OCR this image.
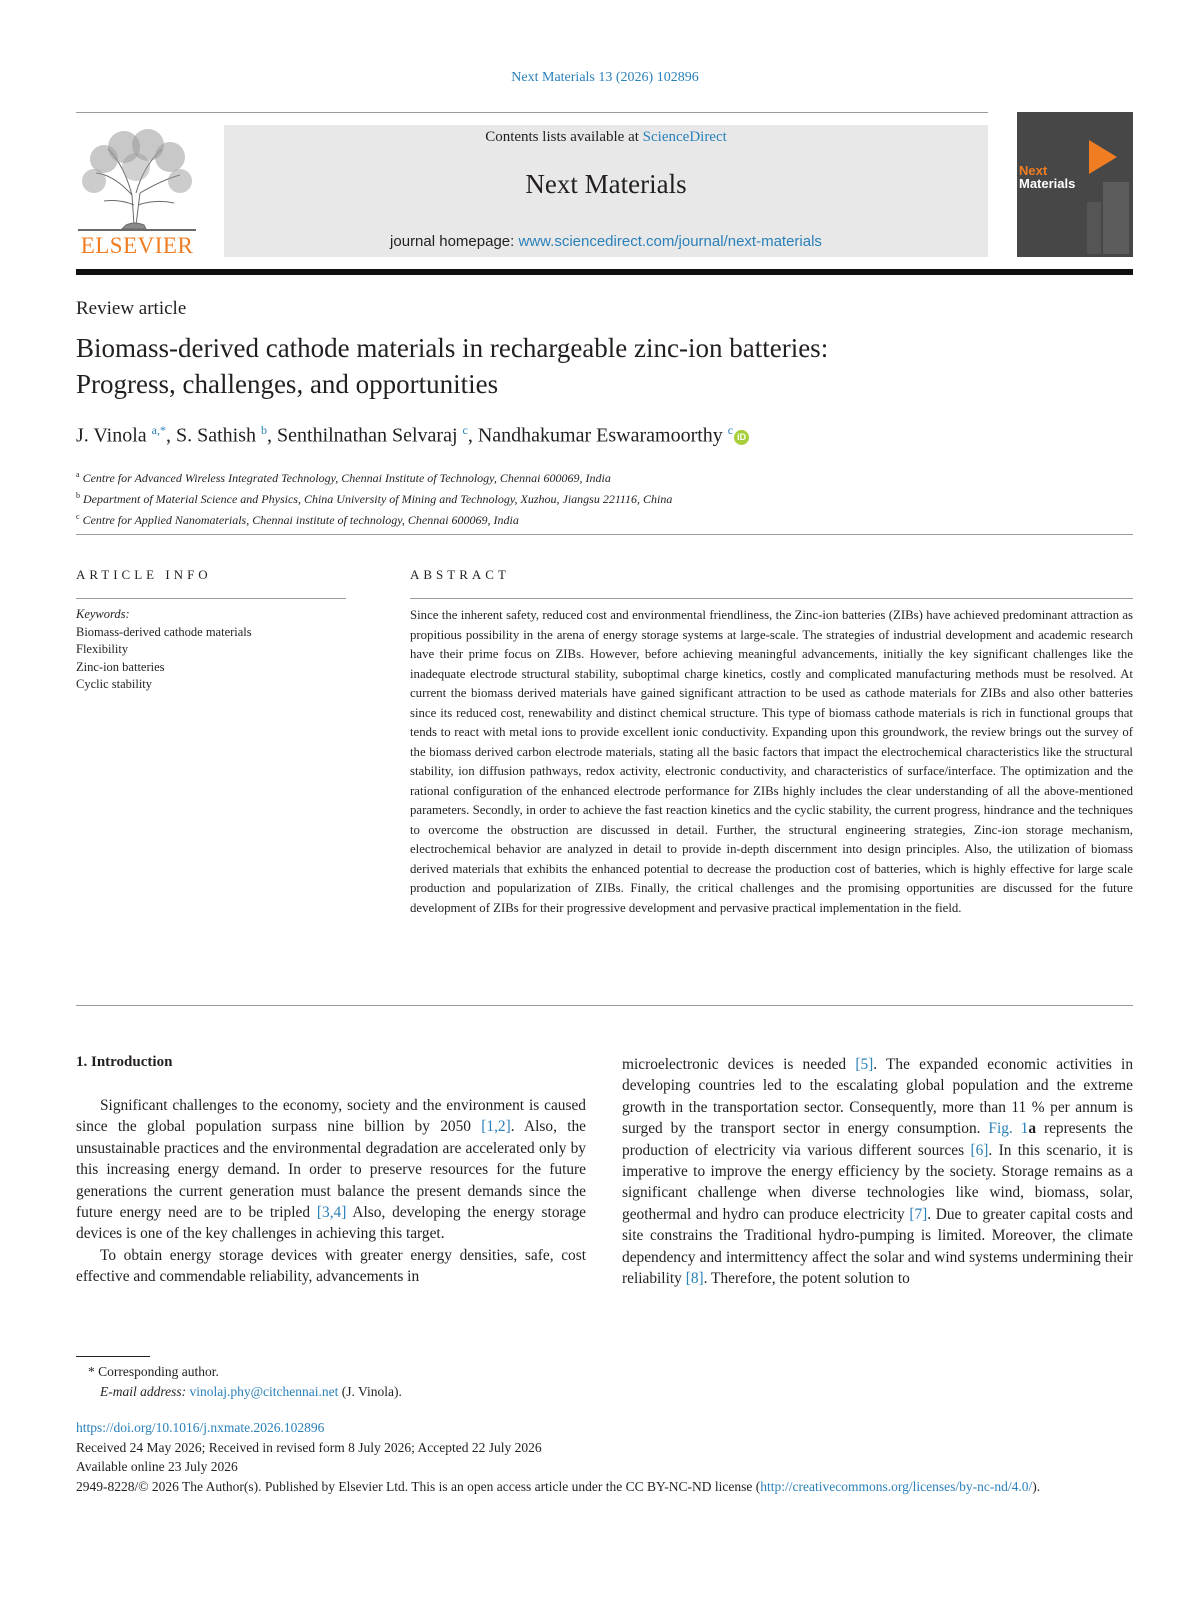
Next Materials 13 (2026) 102896
ELSEVIER
Contents lists available at ScienceDirect
Next Materials
journal homepage: www.sciencedirect.com/journal/next-materials
Next
Materials
Review article
Biomass-derived cathode materials in rechargeable zinc-ion batteries:
Progress, challenges, and opportunities
J. Vinola $^{a,*}$, S. Sathish $^b$, Senthilnathan Selvaraj $^c$, Nandhakumar Eswaramoorthy $^c$ iD
$^a$ Centre for Advanced Wireless Integrated Technology, Chennai Institute of Technology, Chennai 600069, India
$^b$ Department of Material Science and Physics, China University of Mining and Technology, Xuzhou, Jiangsu 221116, China
$^c$ Centre for Applied Nanomaterials, Chennai institute of technology, Chennai 600069, India
ARTICLE INFO	ABSTRACT
Keywords:
Biomass-derived cathode materials
Flexibility
Zinc-ion batteries
Cyclic stability
Since the inherent safety, reduced cost and environmental friendliness, the Zinc-ion batteries (ZIBs) have achieved predominant attraction as propitious possibility in the arena of energy storage systems at large-scale. The strategies of industrial development and academic research have their prime focus on ZIBs. However, before achieving meaningful advancements, initially the key significant challenges like the inadequate electrode structural stability, suboptimal charge kinetics, costly and complicated manufacturing methods must be resolved. At current the biomass derived materials have gained significant attraction to be used as cathode materials for ZIBs and also other batteries since its reduced cost, renewability and distinct chemical structure. This type of biomass cathode materials is rich in functional groups that tends to react with metal ions to provide excellent ionic conductivity. Expanding upon this groundwork, the review brings out the survey of the biomass derived carbon electrode materials, stating all the basic factors that impact the electrochemical characteristics like the structural stability, ion diffusion pathways, redox activity, electronic conductivity, and characteristics of surface/interface. The optimization and the rational configuration of the enhanced electrode performance for ZIBs highly includes the clear understanding of all the above-mentioned parameters. Secondly, in order to achieve the fast reaction kinetics and the cyclic stability, the current progress, hindrance and the techniques to overcome the obstruction are discussed in detail. Further, the structural engineering strategies, Zinc-ion storage mechanism, electrochemical behavior are analyzed in detail to provide in-depth discernment into design principles. Also, the utilization of biomass derived materials that exhibits the enhanced potential to decrease the production cost of batteries, which is highly effective for large scale production and popularization of ZIBs. Finally, the critical challenges and the promising opportunities are discussed for the future development of ZIBs for their progressive development and pervasive practical implementation in the field.
1. Introduction

Significant challenges to the economy, society and the environment is caused since the global population surpass nine billion by 2050 [1,2]. Also, the unsustainable practices and the environmental degradation are accelerated only by this increasing energy demand. In order to preserve resources for the future generations the current generation must balance the present demands since the future energy need are to be tripled [3,4] Also, developing the energy storage devices is one of the key challenges in achieving this target.

To obtain energy storage devices with greater energy densities, safe, cost effective and commendable reliability, advancements in

microelectronic devices is needed [5]. The expanded economic activities in developing countries led to the escalating global population and the extreme growth in the transportation sector. Consequently, more than 11 % per annum is surged by the transport sector in energy consumption. Fig. 1a represents the production of electricity via various different sources [6]. In this scenario, it is imperative to improve the energy efficiency by the society. Storage remains as a significant challenge when diverse technologies like wind, biomass, solar, geothermal and hydro can produce electricity [7]. Due to greater capital costs and site constrains the Traditional hydro-pumping is limited. Moreover, the climate dependency and intermittency affect the solar and wind systems undermining their reliability [8]. Therefore, the potent solution to

* Corresponding author.
E-mail address: vinolaj.phy@citchennai.net (J. Vinola).
https://doi.org/10.1016/j.nxmate.2026.102896
Received 24 May 2026; Received in revised form 8 July 2026; Accepted 22 July 2026
Available online 23 July 2026
2949-8228/© 2026 The Author(s). Published by Elsevier Ltd. This is an open access article under the CC BY-NC-ND license (http://creativecommons.org/licenses/by-nc-nd/4.0/).
